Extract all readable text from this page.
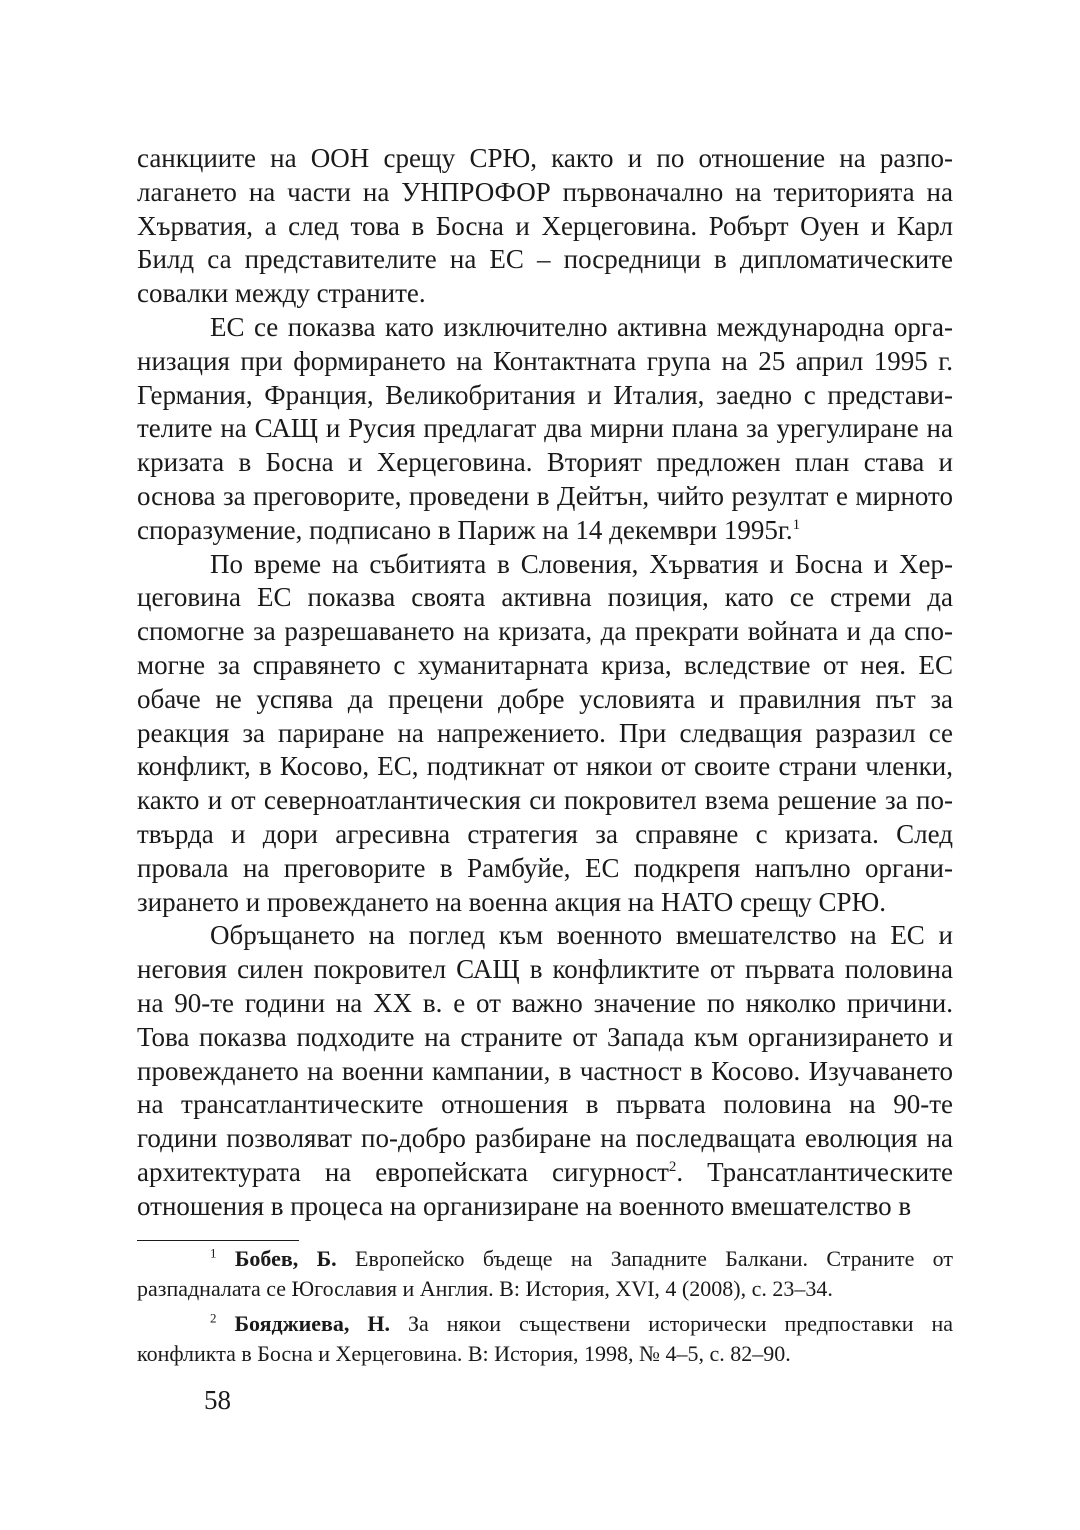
санкциите на ООН срещу СРЮ, както и по отношение на разполагането на части на УНПРОФОР първоначално на територията на Хърватия, а след това в Босна и Херцеговина. Робърт Оуен и Карл Билд са представителите на ЕС – посредници в дипломатическите совалки между страните.

ЕС се показва като изключително активна международна организация при формирането на Контактната група на 25 април 1995 г. Германия, Франция, Великобритания и Италия, заедно с представителите на САЩ и Русия предлагат два мирни плана за урегулиране на кризата в Босна и Херцеговина. Вторият предложен план става и основа за преговорите, проведени в Дейтън, чийто резултат е мирното споразумение, подписано в Париж на 14 декември 1995г.$^1$

По време на събитията в Словения, Хърватия и Босна и Херцеговина ЕС показва своята активна позиция, като се стреми да спомогне за разрешаването на кризата, да прекрати войната и да спомогне за справянето с хуманитарната криза, вследствие от нея. ЕС обаче не успява да прецени добре условията и правилния път за реакция за париране на напрежението. При следващия разразил се конфликт, в Косово, ЕС, подтикнат от някои от своите страни членки, както и от северноатлантическия си покровител взема решение за по-твърда и дори агресивна стратегия за справяне с кризата. След провала на преговорите в Рамбуйе, ЕС подкрепя напълно организирането и провеждането на военна акция на НАТО срещу СРЮ.

Обръщането на поглед към военното вмешателство на ЕС и неговия силен покровител САЩ в конфликтите от първата половина на 90-те години на XX в. е от важно значение по няколко причини. Това показва подходите на страните от Запада към организирането и провеждането на военни кампании, в частност в Косово. Изучаването на трансатлантическите отношения в първата половина на 90-те години позволяват по-добро разбиране на последващата еволюция на архитектурата на европейската сигурност$^2$. Трансатлантическите отношения в процеса на организиране на военното вмешателство в

$^1$ Бобев, Б. Европейско бъдеще на Западните Балкани. Страните от разпадналата се Югославия и Англия. В: История, XVI, 4 (2008), с. 23–34.

$^2$ Бояджиева, Н. За някои съществени исторически предпоставки на конфликта в Босна и Херцеговина. В: История, 1998, № 4–5, с. 82–90.

58
